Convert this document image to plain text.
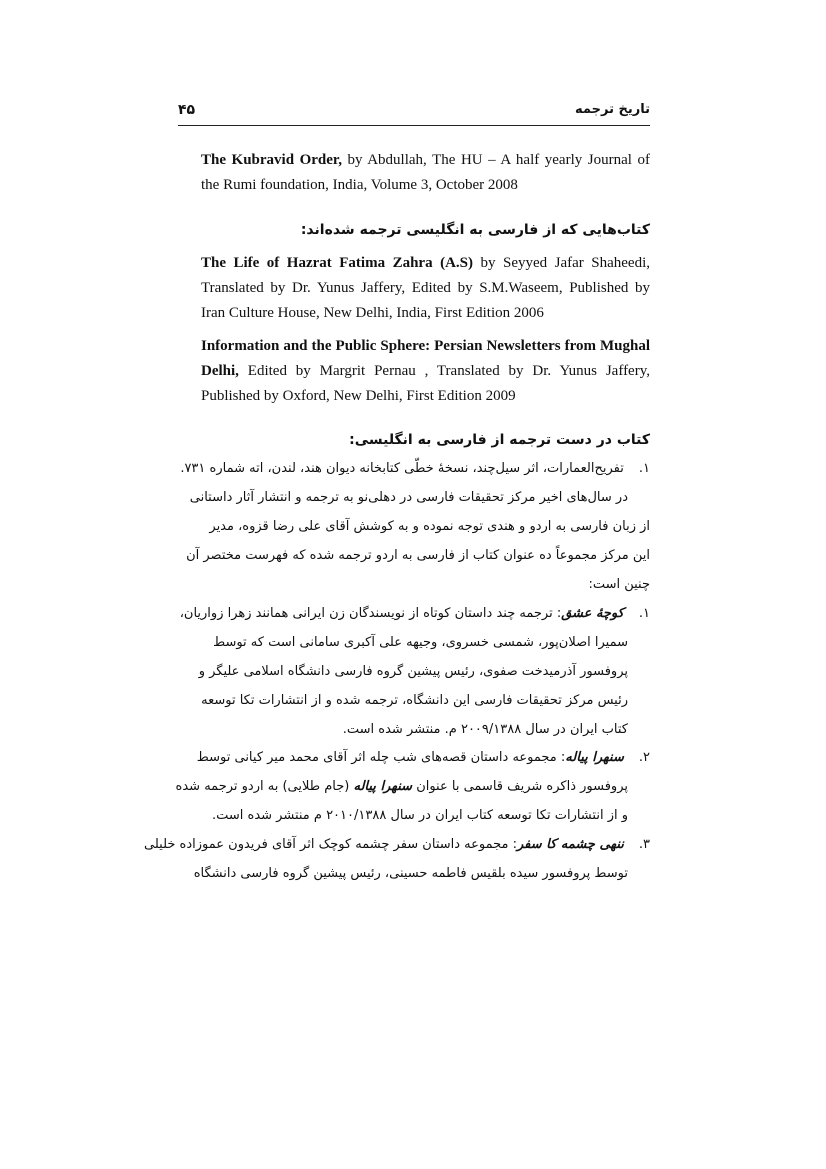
تاریخ ترجمه
۴۵
The Kubravid Order, by Abdullah, The HU – A half yearly Journal of the Rumi foundation, India, Volume 3, October 2008
کتاب‌هایی که از فارسی به انگلیسی ترجمه شده‌اند:
The Life of Hazrat Fatima Zahra (A.S) by Seyyed Jafar Shaheedi, Translated by Dr. Yunus Jaffery, Edited by S.M.Waseem, Published by Iran Culture House, New Delhi, India, First Edition 2006
Information and the Public Sphere: Persian Newsletters from Mughal Delhi, Edited by Margrit Pernau , Translated by Dr. Yunus Jaffery, Published by Oxford, New Delhi, First Edition 2009
کتاب در دست ترجمه از فارسی به انگلیسی:
۱. تفریح‌العمارات، اثر سیل‌چند، نسخهٔ خطّی کتابخانه دیوان هند، لندن، اته شماره ۷۳۱.
در سال‌های اخیر مرکز تحقیقات فارسی در دهلی‌نو به ترجمه و انتشار آثار داستانی
از زبان فارسی به اردو و هندی توجه نموده و به کوشش آقای علی رضا قزوه، مدیر
این مرکز مجموعاً ده عنوان کتاب از فارسی به اردو ترجمه شده که فهرست مختصر آن
چنین است:
۱. کوچهٔ عشق: ترجمه چند داستان کوتاه از نویسندگان زن ایرانی همانند زهرا زواریان،
سمیرا اصلان‌پور، شمسی خسروی، وجیهه علی آکبری سامانی است که توسط
پروفسور آذرمیدخت صفوی، رئیس پیشین گروه فارسی دانشگاه اسلامی علیگر و
رئیس مرکز تحقیقات فارسی این دانشگاه، ترجمه شده و از انتشارات تکا توسعه
کتاب ایران در سال ۲۰۰۹/۱۳۸۸ م. منتشر شده است.
۲. سنهرا پیاله: مجموعه داستان قصه‌های شب چله اثر آقای محمد میر کیانی توسط
پروفسور ذاکره شریف قاسمی با عنوان سنهرا پیاله (جام طلایی) به اردو ترجمه شده
و از انتشارات تکا توسعه کتاب ایران در سال ۲۰۱۰/۱۳۸۸ م منتشر شده است.
۳. ننهی چشمه کا سفر: مجموعه داستان سفر چشمه کوچک اثر آقای فریدون عموزاده خلیلی
توسط پروفسور سیده بلقیس فاطمه حسینی، رئیس پیشین گروه فارسی دانشگاه
